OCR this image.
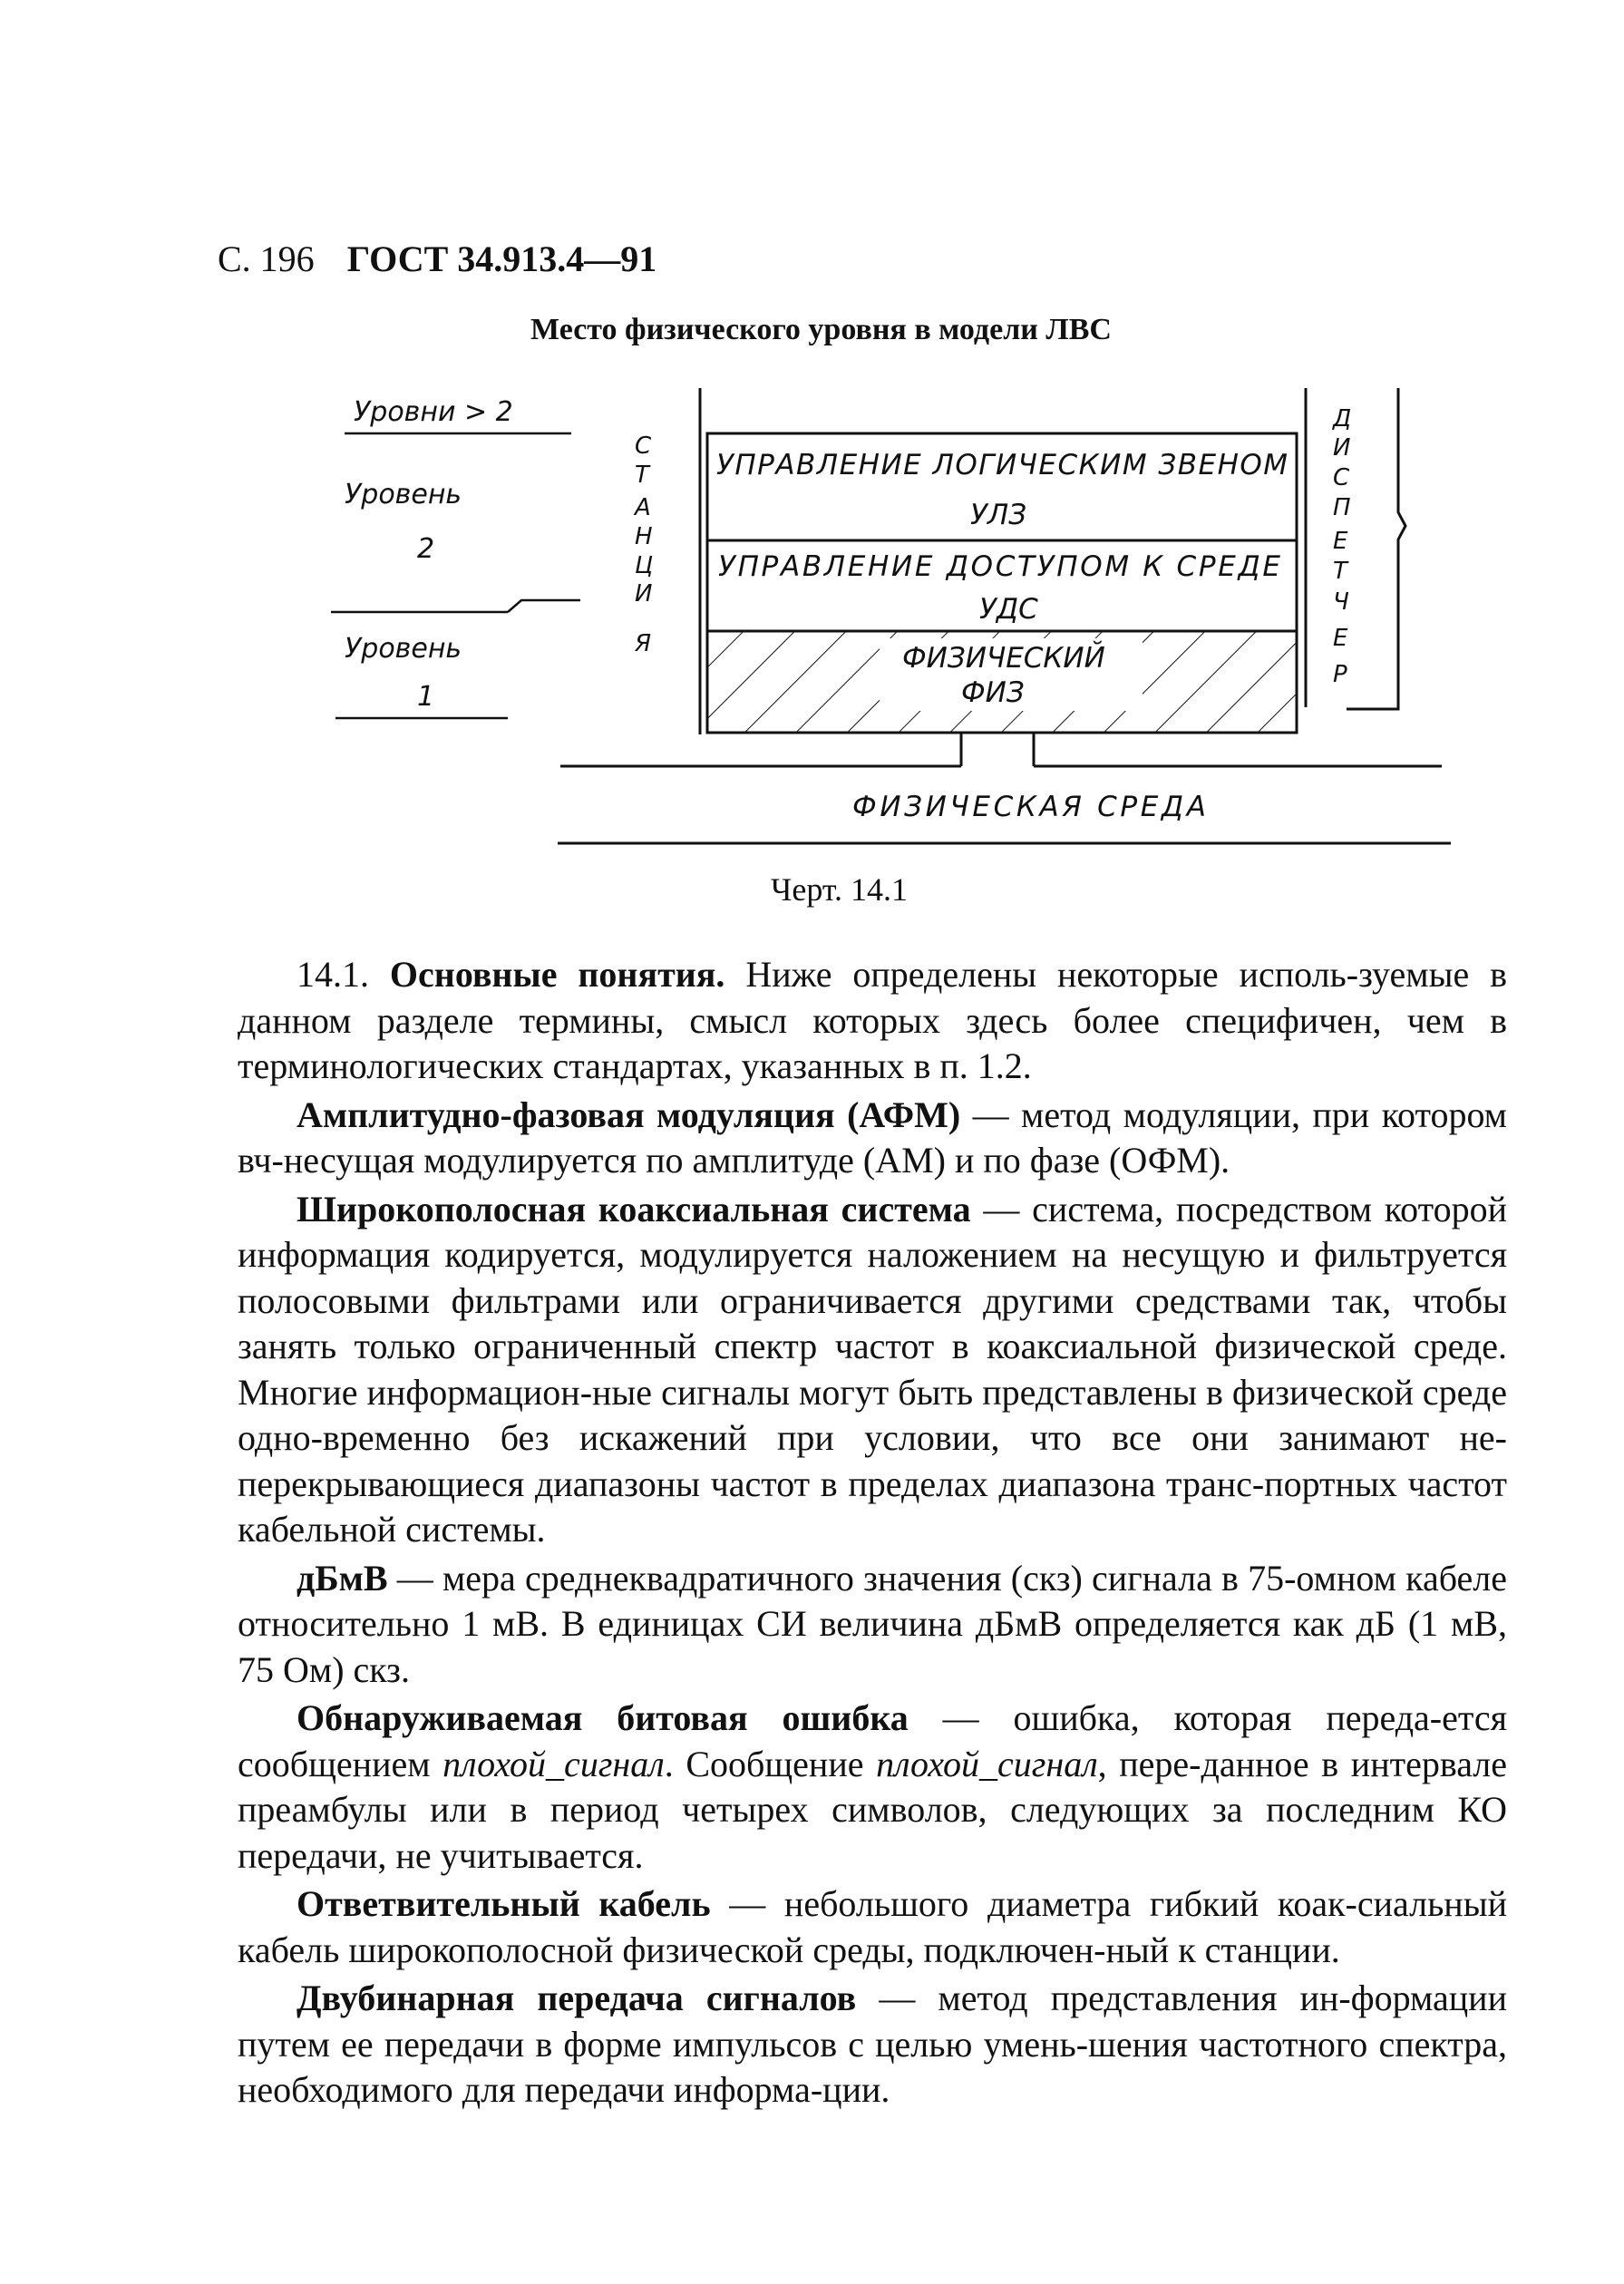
С. 196 ГОСТ 34.913.4—91
Место физического уровня в модели ЛВС
Уровни > 2
Уровень
2
Уровень
1
С
Т
А
Н
Ц
И
Я
УПРАВЛЕНИЕ ЛОГИЧЕСКИМ ЗВЕНОМ
УЛЗ
УПРАВЛЕНИЕ ДОСТУПОМ К СРЕДЕ
УДС
ФИЗИЧЕСКИЙ
ФИЗ
Д
И
С
П
Е
Т
Ч
Е
Р
ФИЗИЧЕСКАЯ СРЕДА
Черт. 14.1

14.1. Основные понятия. Ниже определены некоторые исполь-зуемые в данном разделе термины, смысл которых здесь более специфичен, чем в терминологических стандартах, указанных в п. 1.2.

Амплитудно-фазовая модуляция (АФМ) — метод модуляции, при котором вч-несущая модулируется по амплитуде (АМ) и по фазе (ОФМ).

Широкополосная коаксиальная система — система, посредством которой информация кодируется, модулируется наложением на несущую и фильтруется полосовыми фильтрами или ограничивается другими средствами так, чтобы занять только ограниченный спектр частот в коаксиальной физической среде. Многие информацион-ные сигналы могут быть представлены в физической среде одно-временно без искажений при условии, что все они занимают не-перекрывающиеся диапазоны частот в пределах диапазона транс-портных частот кабельной системы.

дБмВ — мера среднеквадратичного значения (скз) сигнала в 75-омном кабеле относительно 1 мВ. В единицах СИ величина дБмВ определяется как дБ (1 мВ, 75 Ом) скз.

Обнаруживаемая битовая ошибка — ошибка, которая переда-ется сообщением плохой_сигнал. Сообщение плохой_сигнал, пере-данное в интервале преамбулы или в период четырех символов, следующих за последним КО передачи, не учитывается.

Ответвительный кабель — небольшого диаметра гибкий коак-сиальный кабель широкополосной физической среды, подключен-ный к станции.

Двубинарная передача сигналов — метод представления ин-формации путем ее передачи в форме импульсов с целью умень-шения частотного спектра, необходимого для передачи информа-ции.
